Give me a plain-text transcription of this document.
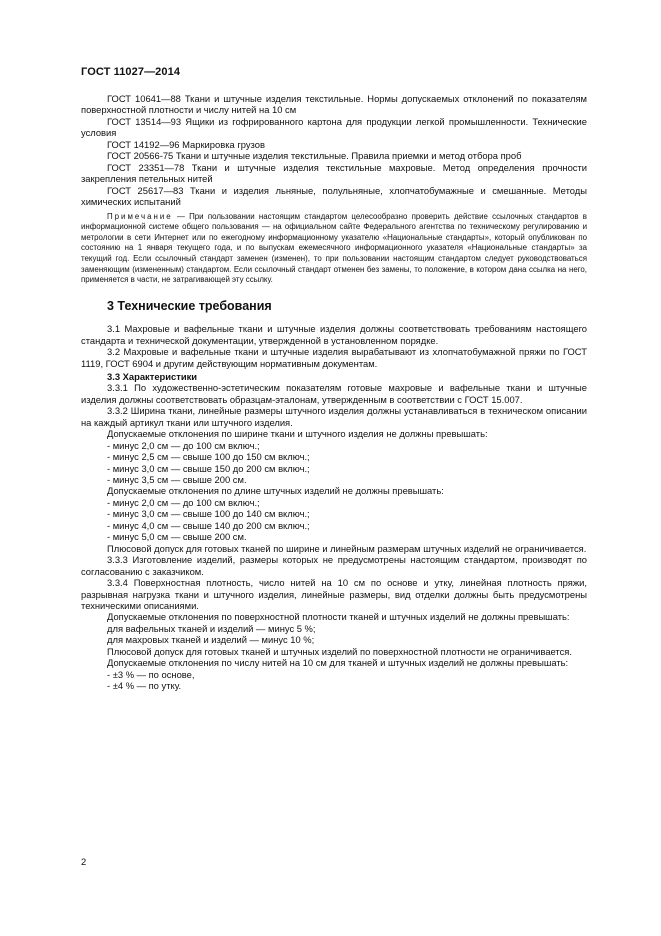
ГОСТ 11027—2014

ГОСТ 10641—88 Ткани и штучные изделия текстильные. Нормы допускаемых отклонений по показателям поверхностной плотности и числу нитей на 10 см

ГОСТ 13514—93 Ящики из гофрированного картона для продукции легкой промышленности. Технические условия

ГОСТ 14192—96 Маркировка грузов

ГОСТ 20566-75 Ткани и штучные изделия текстильные. Правила приемки и метод отбора проб

ГОСТ 23351—78 Ткани и штучные изделия текстильные махровые. Метод определения прочности закрепления петельных нитей

ГОСТ 25617—83 Ткани и изделия льняные, полульняные, хлопчатобумажные и смешанные. Методы химических испытаний

Примечание — При пользовании настоящим стандартом целесообразно проверить действие ссылочных стандартов в информационной системе общего пользования — на официальном сайте Федерального агентства по техническому регулированию и метрологии в сети Интернет или по ежегодному информационному указателю «Национальные стандарты», который опубликован по состоянию на 1 января текущего года, и по выпускам ежемесячного информационного указателя «Национальные стандарты» за текущий год. Если ссылочный стандарт заменен (изменен), то при пользовании настоящим стандартом следует руководствоваться заменяющим (измененным) стандартом. Если ссылочный стандарт отменен без замены, то положение, в котором дана ссылка на него, применяется в части, не затрагивающей эту ссылку.

3 Технические требования

3.1 Махровые и вафельные ткани и штучные изделия должны соответствовать требованиям настоящего стандарта и технической документации, утвержденной в установленном порядке.

3.2 Махровые и вафельные ткани и штучные изделия вырабатывают из хлопчатобумажной пряжи по ГОСТ 1119, ГОСТ 6904 и другим действующим нормативным документам.

3.3 Характеристики

3.3.1 По художественно-эстетическим показателям готовые махровые и вафельные ткани и штучные изделия должны соответствовать образцам-эталонам, утвержденным в соответствии с ГОСТ 15.007.

3.3.2 Ширина ткани, линейные размеры штучного изделия должны устанавливаться в техническом описании на каждый артикул ткани или штучного изделия.

Допускаемые отклонения по ширине ткани и штучного изделия не должны превышать:

- минус 2,0 см — до 100 см включ.;
- минус 2,5 см — свыше 100 до 150 см включ.;
- минус 3,0 см — свыше 150 до 200 см включ.;
- минус 3,5 см — свыше 200 см.

Допускаемые отклонения по длине штучных изделий не должны превышать:

- минус 2,0 см — до 100 см включ.;
- минус 3,0 см — свыше 100 до 140 см включ.;
- минус 4,0 см — свыше 140 до 200 см включ.;
- минус 5,0 см — свыше 200 см.

Плюсовой допуск для готовых тканей по ширине и линейным размерам штучных изделий не ограничивается.

3.3.3 Изготовление изделий, размеры которых не предусмотрены настоящим стандартом, производят по согласованию с заказчиком.

3.3.4 Поверхностная плотность, число нитей на 10 см по основе и утку, линейная плотность пряжи, разрывная нагрузка ткани и штучного изделия, линейные размеры, вид отделки должны быть предусмотрены техническими описаниями.

Допускаемые отклонения по поверхностной плотности тканей и штучных изделий не должны превышать:

для вафельных тканей и изделий — минус 5 %;
для махровых тканей и изделий — минус 10 %;

Плюсовой допуск для готовых тканей и штучных изделий по поверхностной плотности не ограничивается.

Допускаемые отклонения по числу нитей на 10 см для тканей и штучных изделий не должны превышать:

- ±3 % — по основе,
- ±4 % — по утку.
2
